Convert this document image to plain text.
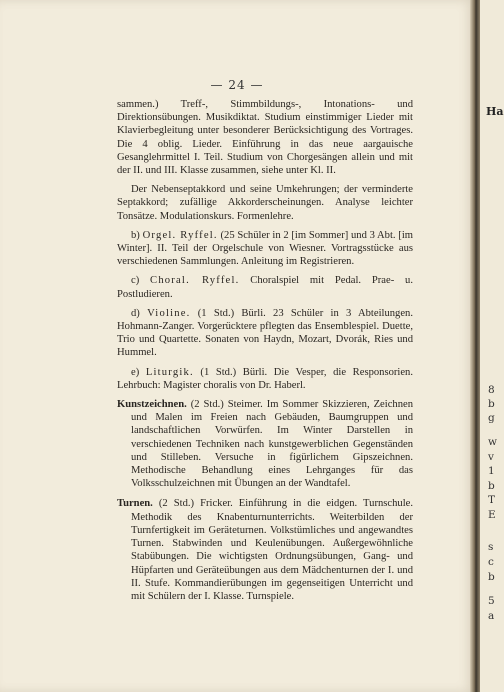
— 24 —

sammen.) Treff-, Stimmbildungs-, Intonations- und Direktionsübungen. Musikdiktat. Studium einstimmiger Lieder mit Klavierbegleitung unter besonderer Berücksichtigung des Vortrages. Die 4 oblig. Lieder. Einführung in das neue aargauische Gesanglehrmittel I. Teil. Studium von Chorgesängen allein und mit der II. und III. Klasse zusammen, siehe unter Kl. II.

Der Nebenseptakkord und seine Umkehrungen; der verminderte Septakkord; zufällige Akkorderscheinungen. Analyse leichter Tonsätze. Modulationskurs. Formenlehre.

b) Orgel. Ryffel. (25 Schüler in 2 [im Sommer] und 3 Abt. [im Winter]. II. Teil der Orgelschule von Wiesner. Vortragsstücke aus verschiedenen Sammlungen. Anleitung im Registrieren.

c) Choral. Ryffel. Choralspiel mit Pedal. Prae- u. Postludieren.

d) Violine. (1 Std.) Bürli. 23 Schüler in 3 Abteilungen. Hohmann-Zanger. Vorgerücktere pflegten das Ensemblespiel. Duette, Trio und Quartette. Sonaten von Haydn, Mozart, Dvorák, Ries und Hummel.

e) Liturgik. (1 Std.) Bürli. Die Vesper, die Responsorien. Lehrbuch: Magister choralis von Dr. Haberl.

Kunstzeichnen. (2 Std.) Steimer. Im Sommer Skizzieren, Zeichnen und Malen im Freien nach Gebäuden, Baumgruppen und landschaftlichen Vorwürfen. Im Winter Darstellen in verschiedenen Techniken nach kunstgewerblichen Gegenständen und Stilleben. Versuche in figürlichem Gipszeichnen. Methodische Behandlung eines Lehrganges für das Volksschulzeichnen mit Übungen an der Wandtafel.

Turnen. (2 Std.) Fricker. Einführung in die eidgen. Turnschule. Methodik des Knabenturnunterrichts. Weiterbilden der Turnfertigkeit im Geräteturnen. Volkstümliches und angewandtes Turnen. Stabwinden und Keulenübungen. Außergewöhnliche Stabübungen. Die wichtigsten Ordnungsübungen, Gang- und Hüpfarten und Geräteübungen aus dem Mädchenturnen der I. und II. Stufe. Kommandierübungen im gegenseitigen Unterricht und mit Schülern der I. Klasse. Turnspiele.

Ha
8
b
g
w
v
1
b
T
E
s
c
b
5
a
